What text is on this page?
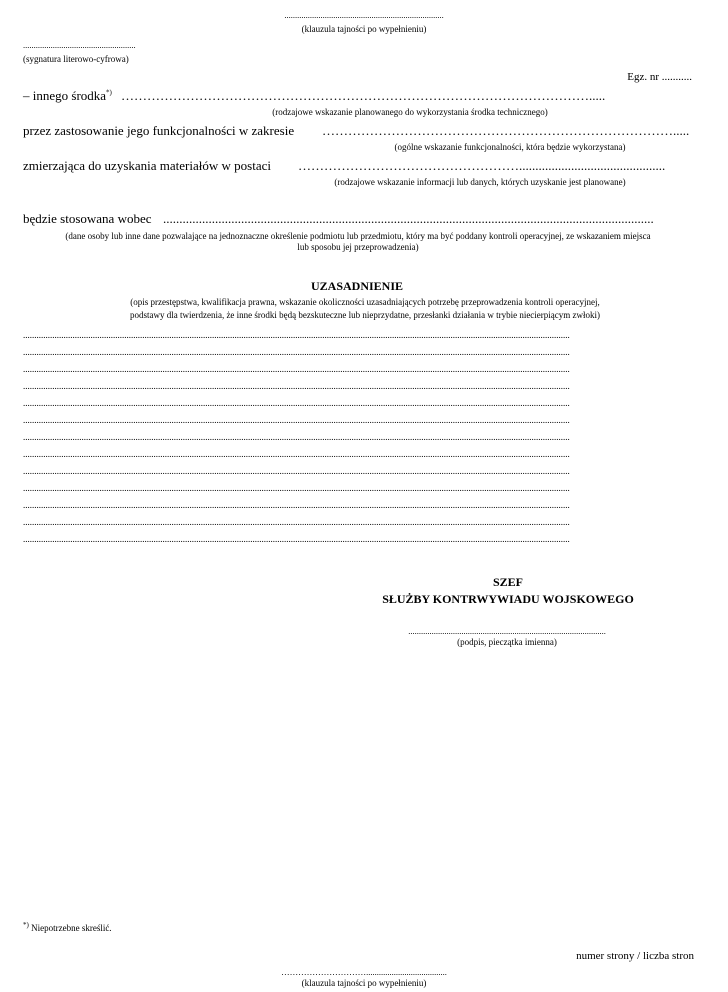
...........................................................................
(klauzula tajności po wypełnieniu)
.....................................................
(sygnatura literowo-cyfrowa)
Egz. nr ...........
– innego środka*) ……………………………………………………………………………………………….....
(rodzajowe wskazanie planowanego do wykorzystania środka technicznego)
przez zastosowanie jego funkcjonalności w zakresie ……………………………………………………………………….....
(ogólne wskazanie funkcjonalności, która będzie wykorzystana)
zmierzająca do uzyskania materiałów w postaci …………………………………………….............................................
(rodzajowe wskazanie informacji lub danych, których uzyskanie jest planowane)
będzie stosowana wobec .......................................................................................................................................................
(dane osoby lub inne dane pozwalające na jednoznaczne określenie podmiotu lub przedmiotu, który ma być poddany kontroli operacyjnej, ze wskazaniem miejsca
lub sposobu jej przeprowadzenia)
UZASADNIENIE
(opis przestępstwa, kwalifikacja prawna, wskazanie okoliczności uzasadniających potrzebę przeprowadzenia kontroli operacyjnej,
podstawy dla twierdzenia, że inne środki będą bezskuteczne lub nieprzydatne, przesłanki działania w trybie niecierpiącym zwłoki)
...................................................................................................................................................................................................................................................
...................................................................................................................................................................................................................................................
...................................................................................................................................................................................................................................................
...................................................................................................................................................................................................................................................
...................................................................................................................................................................................................................................................
...................................................................................................................................................................................................................................................
...................................................................................................................................................................................................................................................
...................................................................................................................................................................................................................................................
...................................................................................................................................................................................................................................................
...................................................................................................................................................................................................................................................
...................................................................................................................................................................................................................................................
...................................................................................................................................................................................................................................................
...................................................................................................................................................................................................................................................
SZEF
SŁUŻBY KONTRWYWIADU WOJSKOWEGO
.............................................................................................
(podpis, pieczątka imienna)
*) Niepotrzebne skreślić.
numer strony / liczba stron
…………………………......................................
(klauzula tajności po wypełnieniu)
